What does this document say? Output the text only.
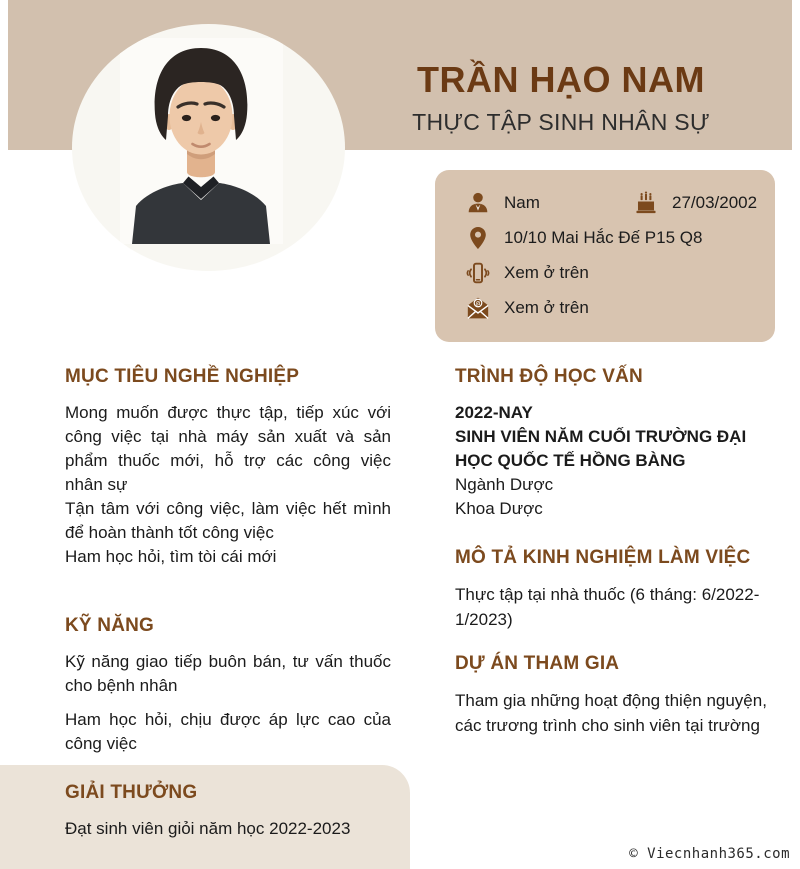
TRẦN HẠO NAM
THỰC TẬP SINH NHÂN SỰ
Nam	27/03/2002
10/10 Mai Hắc Đế P15 Q8
Xem ở trên
@ Xem ở trên
MỤC TIÊU NGHỀ NGHIỆP

Mong muốn được thực tập, tiếp xúc với công việc tại nhà máy sản xuất và sản phẩm thuốc mới, hỗ trợ các công việc nhân sự

Tận tâm với công việc, làm việc hết mình để hoàn thành tốt công việc

Ham học hỏi, tìm tòi cái mới

KỸ NĂNG

Kỹ năng giao tiếp buôn bán, tư vấn thuốc cho bệnh nhân

Ham học hỏi, chịu được áp lực cao của công việc

TRÌNH ĐỘ HỌC VẤN
2022-NAY
SINH VIÊN NĂM CUỐI TRƯỜNG ĐẠI HỌC QUỐC TẾ HỒNG BÀNG
Ngành Dược
Khoa Dược
MÔ TẢ KINH NGHIỆM LÀM VIỆC

Thực tập tại nhà thuốc (6 tháng: 6/2022-1/2023)

DỰ ÁN THAM GIA

Tham gia những hoạt động thiện nguyện, các trương trình cho sinh viên tại trường

GIẢI THƯỞNG

Đạt sinh viên giỏi năm học 2022-2023

© Viecnhanh365.com
